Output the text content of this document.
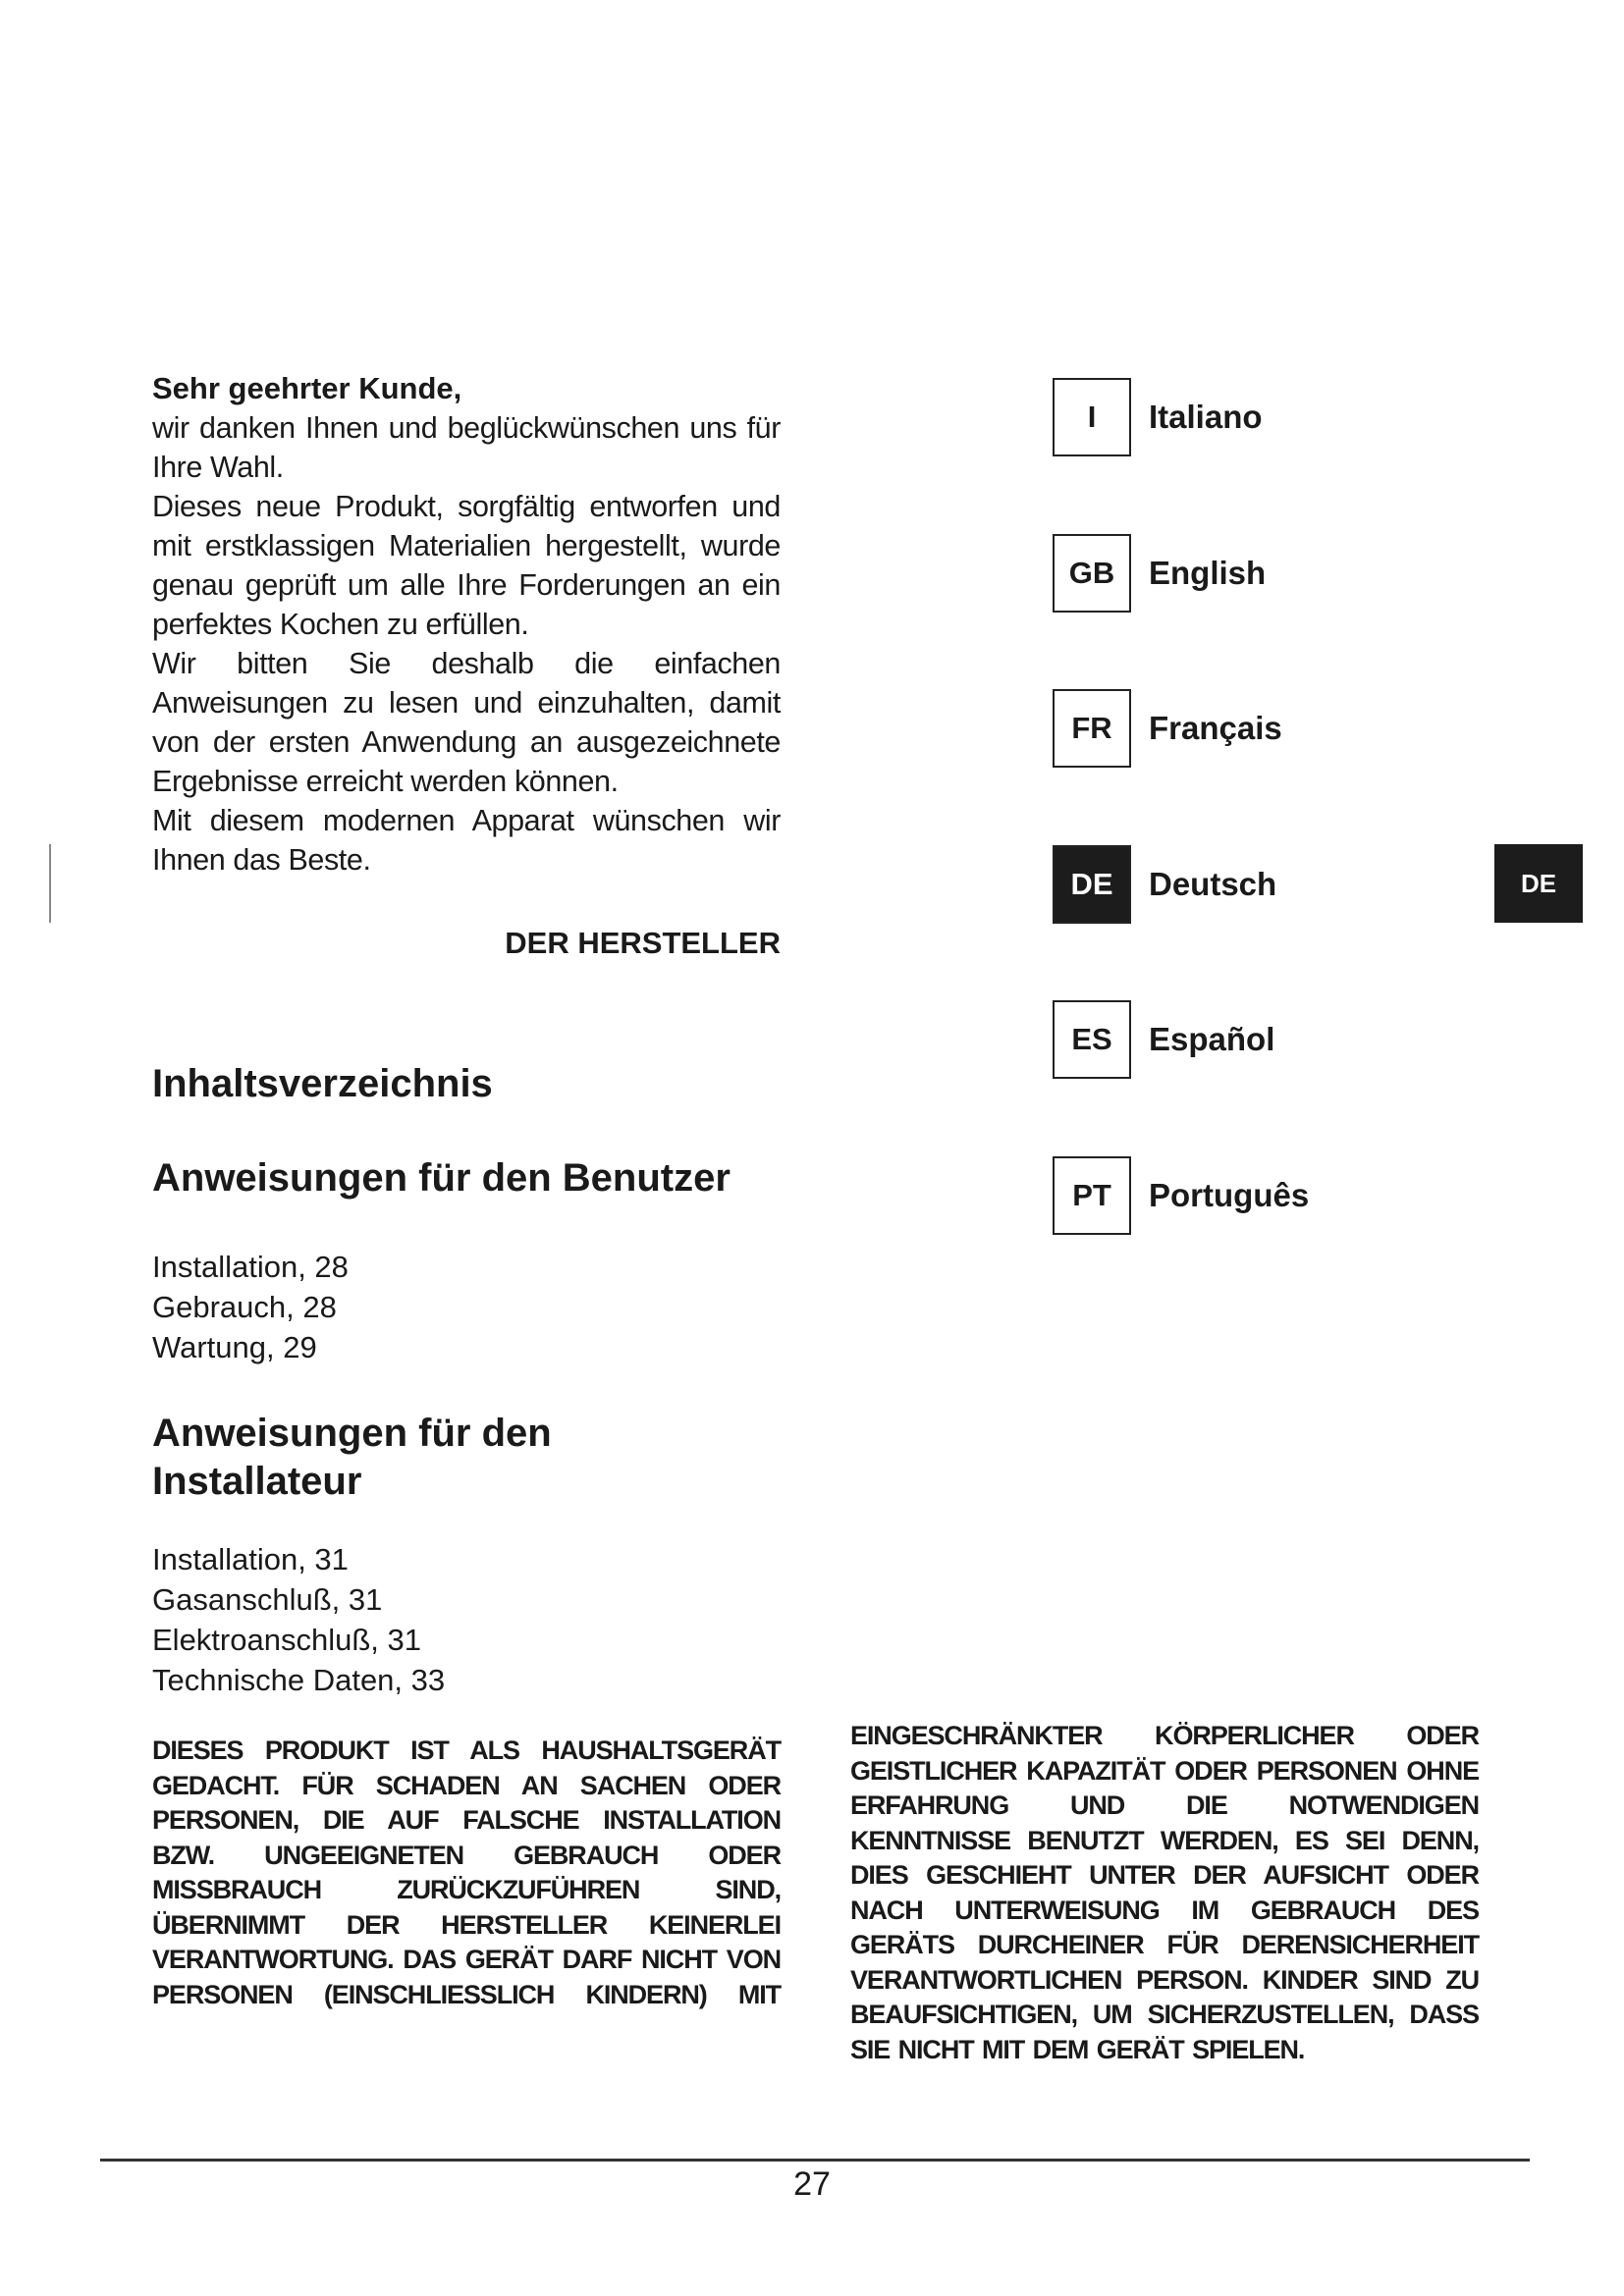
Sehr geehrter Kunde,

wir danken Ihnen und beglückwünschen uns für Ihre Wahl.

Dieses neue Produkt, sorgfältig entworfen und mit erstklassigen Materialien hergestellt, wurde genau geprüft um alle Ihre Forderungen an ein perfektes Kochen zu erfüllen.

Wir bitten Sie deshalb die einfachen Anweisungen zu lesen und einzuhalten, damit von der ersten Anwendung an ausgezeichnete Ergebnisse erreicht werden können.

Mit diesem modernen Apparat wünschen wir Ihnen das Beste.

DER HERSTELLER
Inhaltsverzeichnis
Anweisungen für den Benutzer
Installation, 28
Gebrauch, 28
Wartung, 29
Anweisungen für den
Installateur
Installation, 31
Gasanschluß, 31
Elektroanschluß, 31
Technische Daten, 33
I	Italiano
GB	English
FR	Français
DE	Deutsch
ES	Español
PT	Português
DE

DIESES PRODUKT IST ALS HAUSHALTSGERÄT GEDACHT. FÜR SCHADEN AN SACHEN ODER PERSONEN, DIE AUF FALSCHE INSTALLATION BZW. UNGEEIGNETEN GEBRAUCH ODER MISSBRAUCH ZURÜCKZUFÜHREN SIND, ÜBERNIMMT DER HERSTELLER KEINERLEI VERANTWORTUNG. DAS GERÄT DARF NICHT VON PERSONEN (EINSCHLIESSLICH KINDERN) MIT

EINGESCHRÄNKTER KÖRPERLICHER ODER GEISTLICHER KAPAZITÄT ODER PERSONEN OHNE ERFAHRUNG UND DIE NOTWENDIGEN KENNTNISSE BENUTZT WERDEN, ES SEI DENN, DIES GESCHIEHT UNTER DER AUFSICHT ODER NACH UNTERWEISUNG IM GEBRAUCH DES GERÄTS DURCHEINER FÜR DERENSICHERHEIT VERANTWORTLICHEN PERSON. KINDER SIND ZU BEAUFSICHTIGEN, UM SICHERZUSTELLEN, DASS SIE NICHT MIT DEM GERÄT SPIELEN.

27
